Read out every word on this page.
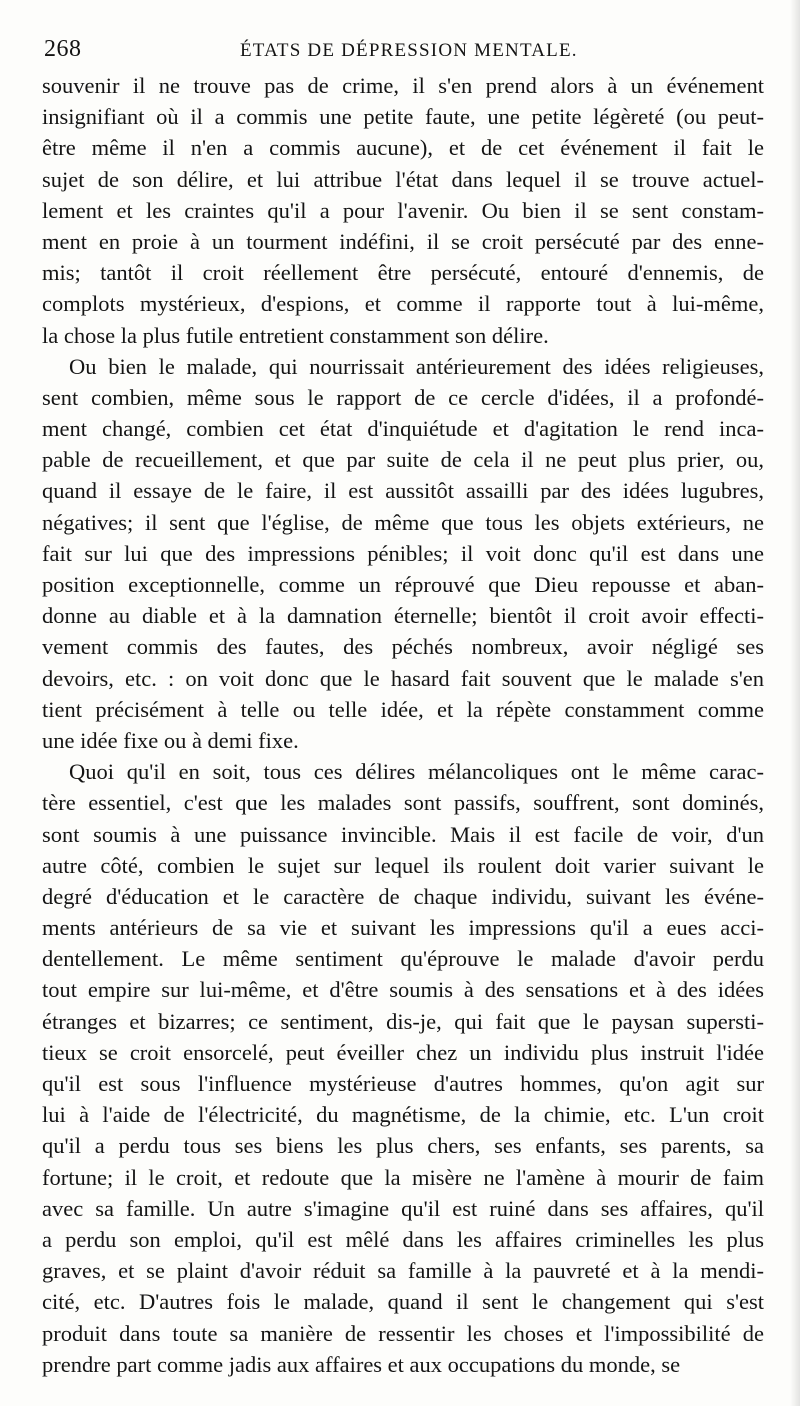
268	ÉTATS DE DÉPRESSION MENTALE.
souvenir il ne trouve pas de crime, il s'en prend alors à un événement
insignifiant où il a commis une petite faute, une petite légèreté (ou peut-
être même il n'en a commis aucune), et de cet événement il fait le
sujet de son délire, et lui attribue l'état dans lequel il se trouve actuel-
lement et les craintes qu'il a pour l'avenir. Ou bien il se sent constam-
ment en proie à un tourment indéfini, il se croit persécuté par des enne-
mis; tantôt il croit réellement être persécuté, entouré d'ennemis, de
complots mystérieux, d'espions, et comme il rapporte tout à lui-même,
la chose la plus futile entretient constamment son délire.
Ou bien le malade, qui nourrissait antérieurement des idées religieuses,
sent combien, même sous le rapport de ce cercle d'idées, il a profondé-
ment changé, combien cet état d'inquiétude et d'agitation le rend inca-
pable de recueillement, et que par suite de cela il ne peut plus prier, ou,
quand il essaye de le faire, il est aussitôt assailli par des idées lugubres,
négatives; il sent que l'église, de même que tous les objets extérieurs, ne
fait sur lui que des impressions pénibles; il voit donc qu'il est dans une
position exceptionnelle, comme un réprouvé que Dieu repousse et aban-
donne au diable et à la damnation éternelle; bientôt il croit avoir effecti-
vement commis des fautes, des péchés nombreux, avoir négligé ses
devoirs, etc. : on voit donc que le hasard fait souvent que le malade s'en
tient précisément à telle ou telle idée, et la répète constamment comme
une idée fixe ou à demi fixe.
Quoi qu'il en soit, tous ces délires mélancoliques ont le même carac-
tère essentiel, c'est que les malades sont passifs, souffrent, sont dominés,
sont soumis à une puissance invincible. Mais il est facile de voir, d'un
autre côté, combien le sujet sur lequel ils roulent doit varier suivant le
degré d'éducation et le caractère de chaque individu, suivant les événe-
ments antérieurs de sa vie et suivant les impressions qu'il a eues acci-
dentellement. Le même sentiment qu'éprouve le malade d'avoir perdu
tout empire sur lui-même, et d'être soumis à des sensations et à des idées
étranges et bizarres; ce sentiment, dis-je, qui fait que le paysan supersti-
tieux se croit ensorcelé, peut éveiller chez un individu plus instruit l'idée
qu'il est sous l'influence mystérieuse d'autres hommes, qu'on agit sur
lui à l'aide de l'électricité, du magnétisme, de la chimie, etc. L'un croit
qu'il a perdu tous ses biens les plus chers, ses enfants, ses parents, sa
fortune; il le croit, et redoute que la misère ne l'amène à mourir de faim
avec sa famille. Un autre s'imagine qu'il est ruiné dans ses affaires, qu'il
a perdu son emploi, qu'il est mêlé dans les affaires criminelles les plus
graves, et se plaint d'avoir réduit sa famille à la pauvreté et à la mendi-
cité, etc. D'autres fois le malade, quand il sent le changement qui s'est
produit dans toute sa manière de ressentir les choses et l'impossibilité de
prendre part comme jadis aux affaires et aux occupations du monde, se
